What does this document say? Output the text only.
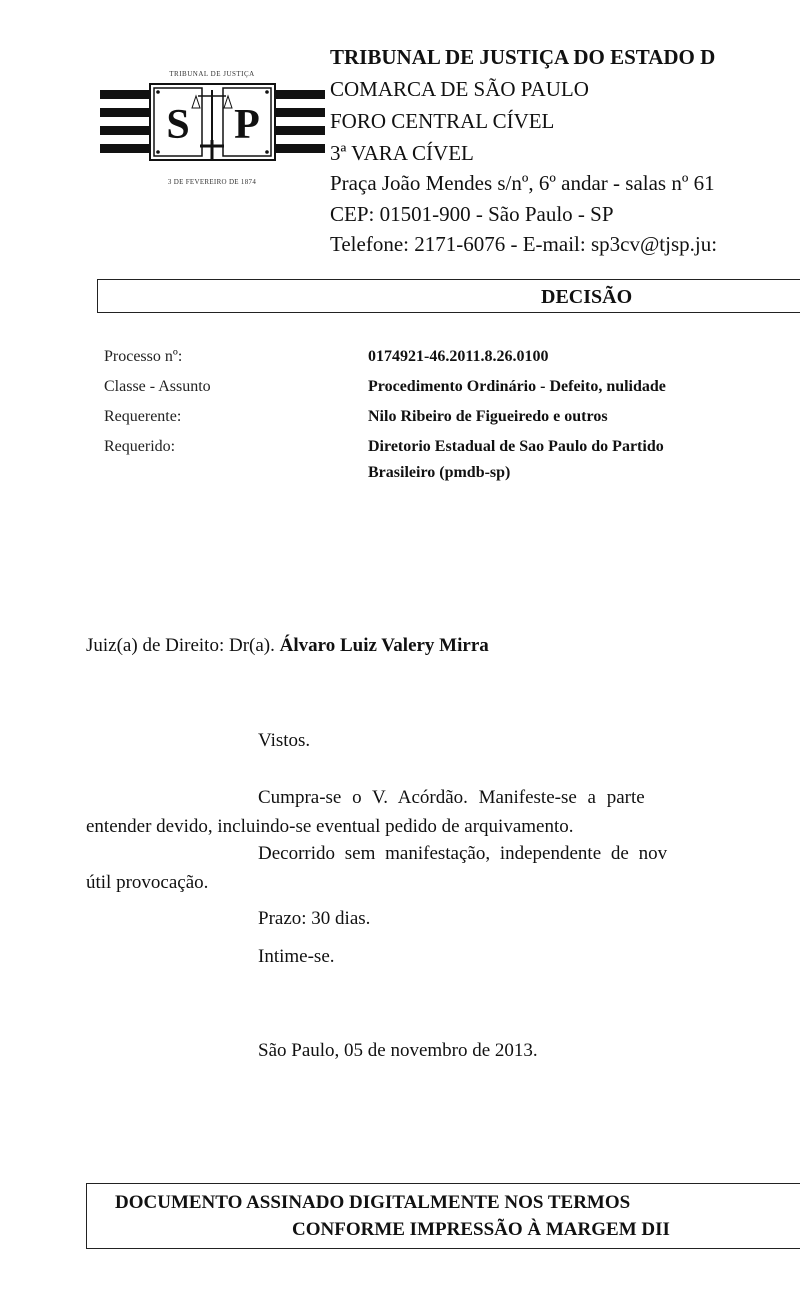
TRIBUNAL DE JUSTIÇA
S P
3 DE FEVEREIRO DE 1874
TRIBUNAL DE JUSTIÇA DO ESTADO D
COMARCA DE SÃO PAULO
FORO CENTRAL CÍVEL
3ª VARA CÍVEL
Praça João Mendes s/nº, 6º andar - salas nº 61
CEP: 01501-900 - São Paulo - SP
Telefone: 2171-6076 - E-mail: sp3cv@tjsp.ju:
DECISÃO
Processo nº:	0174921-46.2011.8.26.0100
Classe - Assunto	Procedimento Ordinário - Defeito, nulidade
Requerente:	Nilo Ribeiro de Figueiredo e outros
Requerido:	Diretorio Estadual de Sao Paulo do Partido
Brasileiro (pmdb-sp)
Juiz(a) de Direito: Dr(a). Álvaro Luiz Valery Mirra
Vistos.
Cumpra-se o V. Acórdão. Manifeste-se a parte
entender devido, incluindo-se eventual pedido de arquivamento.
Decorrido sem manifestação, independente de nov
útil provocação.
Prazo: 30 dias.
Intime-se.
São Paulo, 05 de novembro de 2013.
DOCUMENTO ASSINADO DIGITALMENTE NOS TERMOS
CONFORME IMPRESSÃO À MARGEM DII
